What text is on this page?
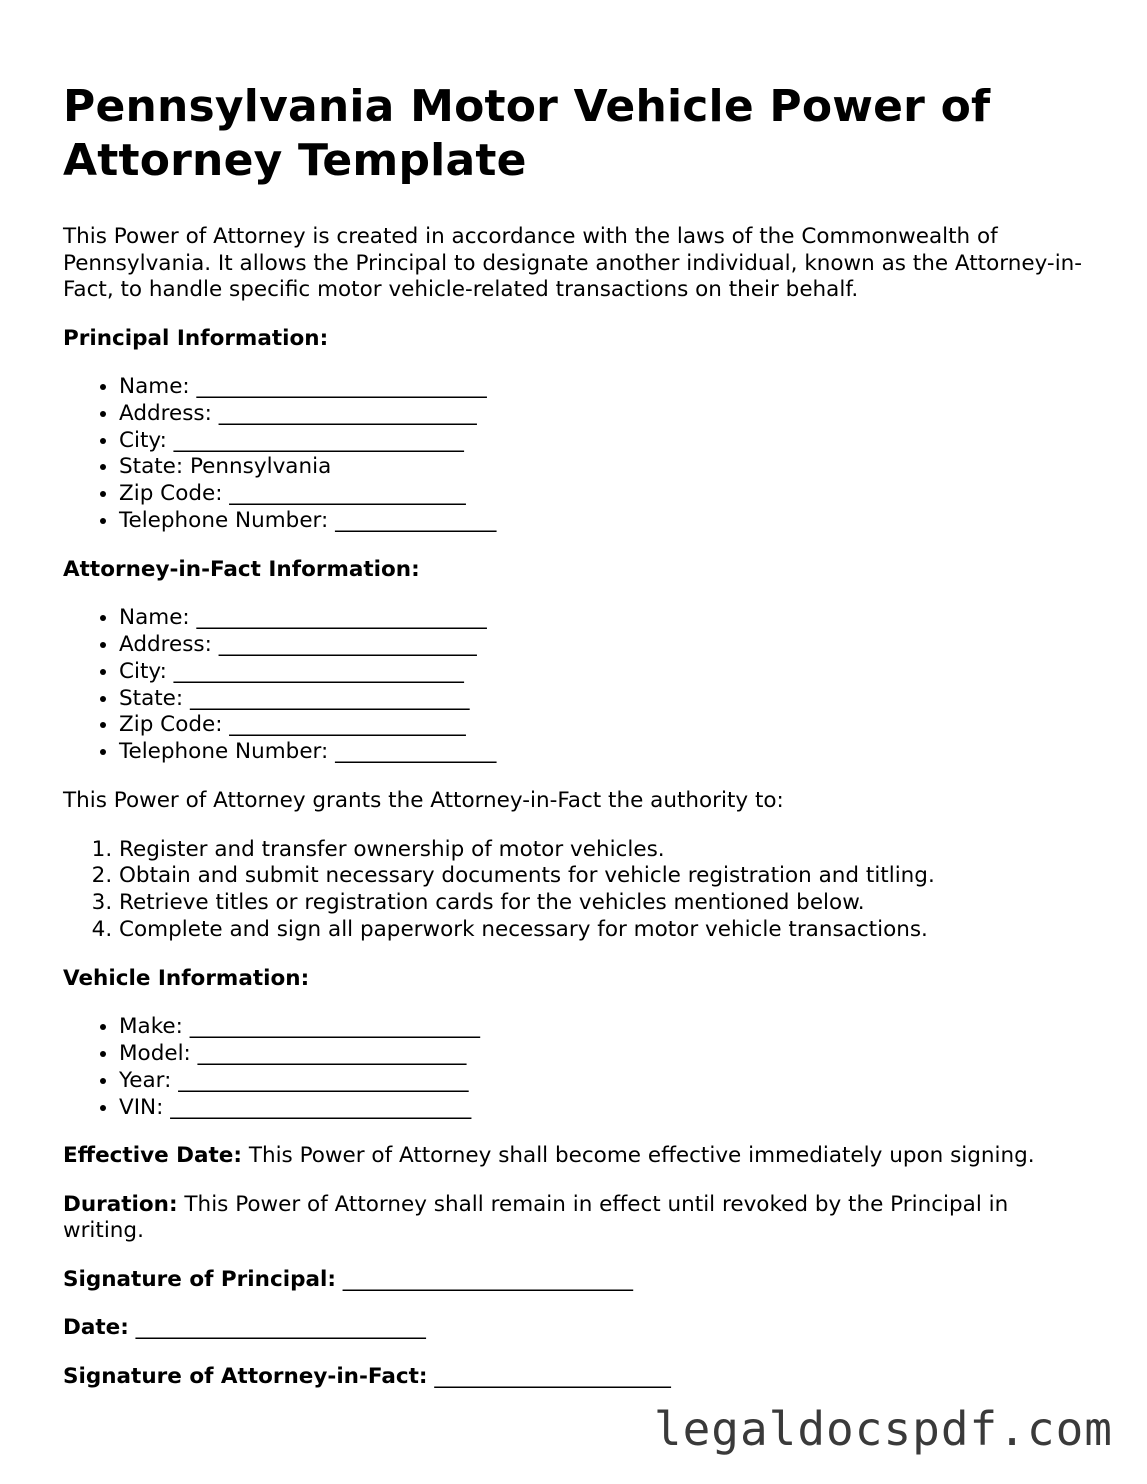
Pennsylvania Motor Vehicle Power of Attorney Template

This Power of Attorney is created in accordance with the laws of the Commonwealth of Pennsylvania. It allows the Principal to designate another individual, known as the Attorney-in-Fact, to handle specific motor vehicle-related transactions on their behalf.

Principal Information:

• Name: ___________________________
• Address: ________________________
• City: ___________________________
• State: Pennsylvania
• Zip Code: ______________________
• Telephone Number: _______________

Attorney-in-Fact Information:

• Name: ___________________________
• Address: ________________________
• City: ___________________________
• State: __________________________
• Zip Code: ______________________
• Telephone Number: _______________

This Power of Attorney grants the Attorney-in-Fact the authority to:

1. Register and transfer ownership of motor vehicles.
2. Obtain and submit necessary documents for vehicle registration and titling.
3. Retrieve titles or registration cards for the vehicles mentioned below.
4. Complete and sign all paperwork necessary for motor vehicle transactions.

Vehicle Information:

• Make: ___________________________
• Model: _________________________
• Year: ___________________________
• VIN: ____________________________

Effective Date: This Power of Attorney shall become effective immediately upon signing.

Duration: This Power of Attorney shall remain in effect until revoked by the Principal in writing.

Signature of Principal: ___________________________

Date: ___________________________

Signature of Attorney-in-Fact: ______________________

legaldocspdf.com
